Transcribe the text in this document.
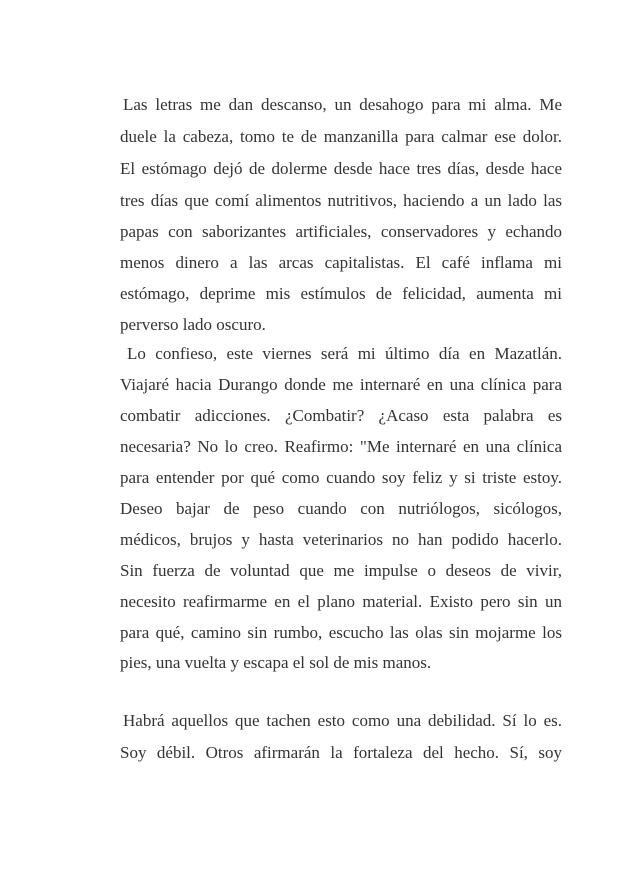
Las letras me dan descanso, un desahogo para mi alma. Me

duele la cabeza, tomo te de manzanilla para calmar ese dolor.

El estómago dejó de dolerme desde hace tres días, desde hace

tres días que comí alimentos nutritivos, haciendo a un lado las

papas con saborizantes artificiales, conservadores y echando

menos dinero a las arcas capitalistas. El café inflama mi

estómago, deprime mis estímulos de felicidad, aumenta mi

perverso lado oscuro.

Lo confieso, este viernes será mi último día en Mazatlán.

Viajaré hacia Durango donde me internaré en una clínica para

combatir adicciones. ¿Combatir? ¿Acaso esta palabra es

necesaria? No lo creo. Reafirmo: "Me internaré en una clínica

para entender por qué como cuando soy feliz y si triste estoy.

Deseo bajar de peso cuando con nutriólogos, sicólogos,

médicos, brujos y hasta veterinarios no han podido hacerlo.

Sin fuerza de voluntad que me impulse o deseos de vivir,

necesito reafirmarme en el plano material. Existo pero sin un

para qué, camino sin rumbo, escucho las olas sin mojarme los

pies, una vuelta y escapa el sol de mis manos.

Habrá aquellos que tachen esto como una debilidad. Sí lo es.

Soy débil. Otros afirmarán la fortaleza del hecho. Sí, soy
